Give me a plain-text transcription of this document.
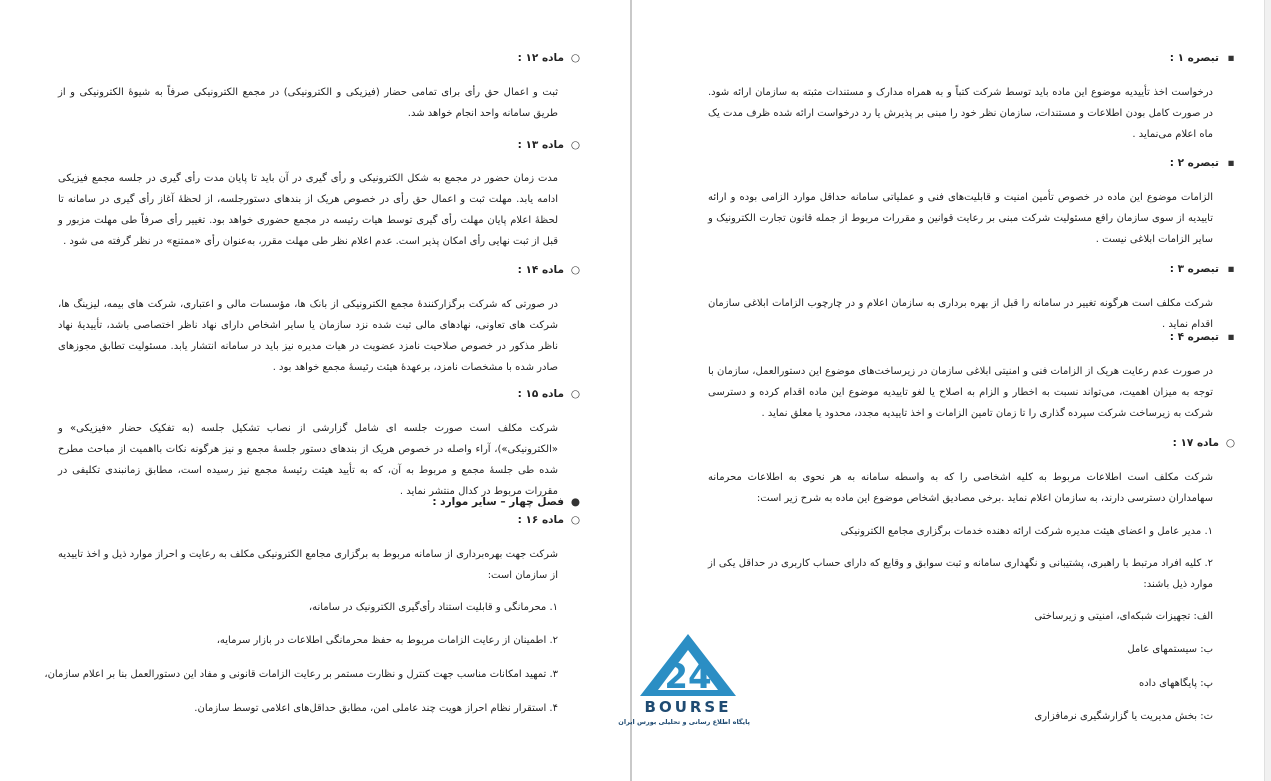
○
ماده ۱۲ :
ثبت و اعمال حق رأی برای تمامی حضار (فیزیکی و الکترونیکی) در مجمع الکترونیکی صرفاً به شیوۀ الکترونیکی و از طریق سامانه واحد انجام خواهد شد.
○
ماده ۱۳ :
مدت زمان حضور در مجمع به شکل الکترونیکی و رأی گیری در آن باید تا پایان مدت رأی گیری در جلسه مجمع فیزیکی ادامه یابد. مهلت ثبت و اعمال حق رأی در خصوص هریک از بندهای دستورجلسه، از لحظۀ آغاز رأی گیری در سامانه تا لحظۀ اعلام پایان مهلت رأی گیری توسط هیات رئیسه در مجمع حضوری خواهد بود. تغییر رأی صرفاً طی مهلت مزبور و قبل از ثبت نهایی رأی امکان پذیر است. عدم اعلام نظر طی مهلت مقرر، به‌عنوان رأی «ممتنع» در نظر گرفته می شود .
○
ماده ۱۴ :
در صورتی که شرکت برگزارکنندۀ مجمع الکترونیکی از بانک ها، مؤسسات مالی و اعتباری، شرکت های بیمه، لیزینگ ها، شرکت های تعاونی، نهادهای مالی ثبت شده نزد سازمان یا سایر اشخاص دارای نهاد ناظر اختصاصی باشد، تأییدیۀ نهاد ناظر مذکور در خصوص صلاحیت نامزد عضویت در هیات مدیره نیز باید در سامانه انتشار یابد. مسئولیت تطابق مجوزهای صادر شده با مشخصات نامزد، برعهدۀ هیئت رئیسۀ مجمع خواهد بود .
○
ماده ۱۵ :
شرکت مکلف است صورت جلسه ای شامل گزارشی از نصاب تشکیل جلسه (به تفکیک حضار «فیزیکی» و «الکترونیکی»)، آراء واصله در خصوص هریک از بندهای دستور جلسۀ مجمع و نیز هرگونه نکات بااهمیت از مباحث مطرح شده طی جلسۀ مجمع و مربوط به آن، که به تأیید هیئت رئیسۀ مجمع نیز رسیده است، مطابق زمانبندی تکلیفی در مقررات مربوط در کدال منتشر نماید .
●
فصل چهار – سایر موارد :
○
ماده ۱۶ :
شرکت جهت بهره‌برداری از سامانه مربوط به برگزاری مجامع الکترونیکی مکلف به رعایت و احراز موارد ذیل و اخذ تاییدیه از سازمان است:
۱. محرمانگی و قابلیت استناد رأی‌گیری الکترونیک در سامانه،
۲. اطمینان از رعایت الزامات مربوط به حفظ محرمانگی اطلاعات در بازار سرمایه،
۳. تمهید امکانات مناسب جهت کنترل و نظارت مستمر بر رعایت الزامات قانونی و مفاد این دستورالعمل بنا بر اعلام سازمان،
۴. استقرار نظام احراز هویت چند عاملی امن، مطابق حداقل‌های اعلامی توسط سازمان.
▪
تبصره ۱ :
درخواست اخذ تأییدیه موضوع این ماده باید توسط شرکت کتباً و به همراه مدارک و مستندات مثبته به سازمان ارائه شود. در صورت کامل بودن اطلاعات و مستندات، سازمان نظر خود را مبنی بر پذیرش یا رد درخواست ارائه شده ظرف مدت یک ماه اعلام می‌نماید .
▪
تبصره ۲ :
الزامات موضوع این ماده در خصوص تأمین امنیت و قابلیت‌های فنی و عملیاتی سامانه حداقل موارد الزامی بوده و ارائه تاییدیه از سوی سازمان رافع مسئولیت شرکت مبنی بر رعایت قوانین و مقررات مربوط از جمله قانون تجارت الکترونیک و سایر الزامات ابلاغی نیست .
▪
تبصره ۳ :
شرکت مکلف است هرگونه تغییر در سامانه را قبل از بهره برداری به سازمان اعلام و در چارچوب الزامات ابلاغی سازمان اقدام نماید .
▪
تبصره ۴ :
در صورت عدم رعایت هریک از الزامات فنی و امنیتی ابلاغی سازمان در زیرساخت‌های موضوع این دستورالعمل، سازمان با توجه به میزان اهمیت، می‌تواند نسبت به اخطار و الزام به اصلاح یا لغو تاییدیه موضوع این ماده اقدام کرده و دسترسی شرکت به زیرساخت شرکت سپرده گذاری را تا زمان تامین الزامات و اخذ تاییدیه مجدد، محدود یا معلق نماید .
○
ماده ۱۷ :
شرکت مکلف است اطلاعات مربوط به کلیه اشخاصی را که به واسطه سامانه به هر نحوی به اطلاعات محرمانه سهامداران دسترسی دارند، به سازمان اعلام نماید .برخی مصادیق اشخاص موضوع این ماده به شرح زیر است:
۱. مدیر عامل و اعضای هیئت مدیره شرکت ارائه دهنده خدمات برگزاری مجامع الکترونیکی
۲. کلیه افراد مرتبط با راهبری، پشتیبانی و نگهداری سامانه و ثبت سوابق و وقایع که دارای حساب کاربری در حداقل یکی از موارد ذیل باشند:
الف: تجهیزات شبکه‌ای، امنیتی و زیرساختی
ب: سیستمهای عامل
پ: پایگاههای داده
ت: بخش مدیریت یا گزارشگیری نرمافزاری
24
BOURSE
پایگاه اطلاع رسانی و تحلیلی بورس ایران
